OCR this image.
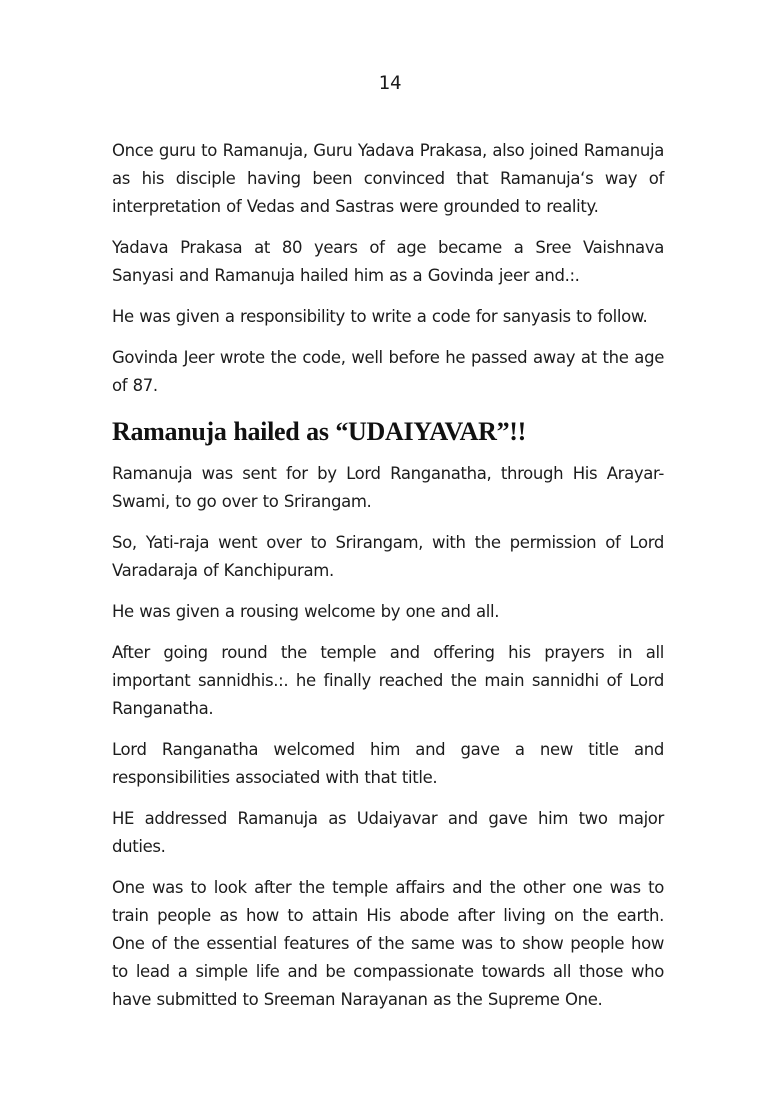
14

Once guru to Ramanuja, Guru Yadava Prakasa, also joined Ramanuja as his disciple having been convinced that Ramanuja‘s way of interpretation of Vedas and Sastras were grounded to reality.

Yadava Prakasa at 80 years of age became a Sree Vaishnava Sanyasi and Ramanuja hailed him as a Govinda jeer and.:.

He was given a responsibility to write a code for sanyasis to follow.

Govinda Jeer wrote the code, well before he passed away at the age of 87.

Ramanuja hailed as “UDAIYAVAR”!!

Ramanuja was sent for by Lord Ranganatha, through His Arayar-Swami, to go over to Srirangam.

So, Yati-raja went over to Srirangam, with the permission of Lord Varadaraja of Kanchipuram.

He was given a rousing welcome by one and all.

After going round the temple and offering his prayers in all important sannidhis.:. he finally reached the main sannidhi of Lord Ranganatha.

Lord Ranganatha welcomed him and gave a new title and responsibilities associated with that title.

HE addressed Ramanuja as Udaiyavar and gave him two major duties.

One was to look after the temple affairs and the other one was to train people as how to attain His abode after living on the earth. One of the essential features of the same was to show people how to lead a simple life and be compassionate towards all those who have submitted to Sreeman Narayanan as the Supreme One.
